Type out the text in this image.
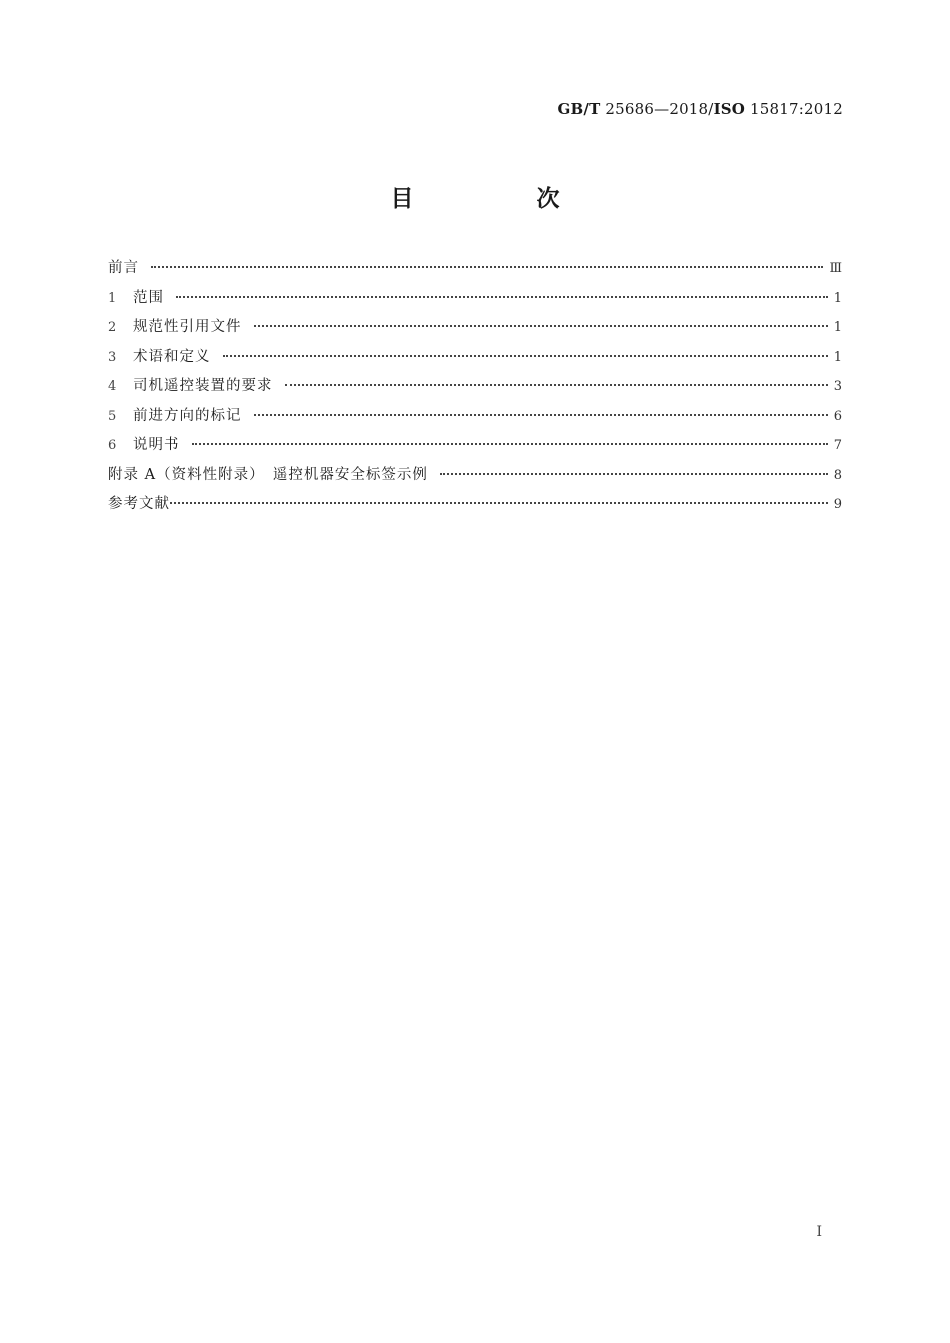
GB/T 25686—2018/ISO 15817:2012
目　次
前言	Ⅲ
1	范围	1
2	规范性引用文件	1
3	术语和定义	1
4	司机遥控装置的要求	3
5	前进方向的标记	6
6	说明书	7
附录 A（资料性附录）　遥控机器安全标签示例	8
参考文献	9
I
